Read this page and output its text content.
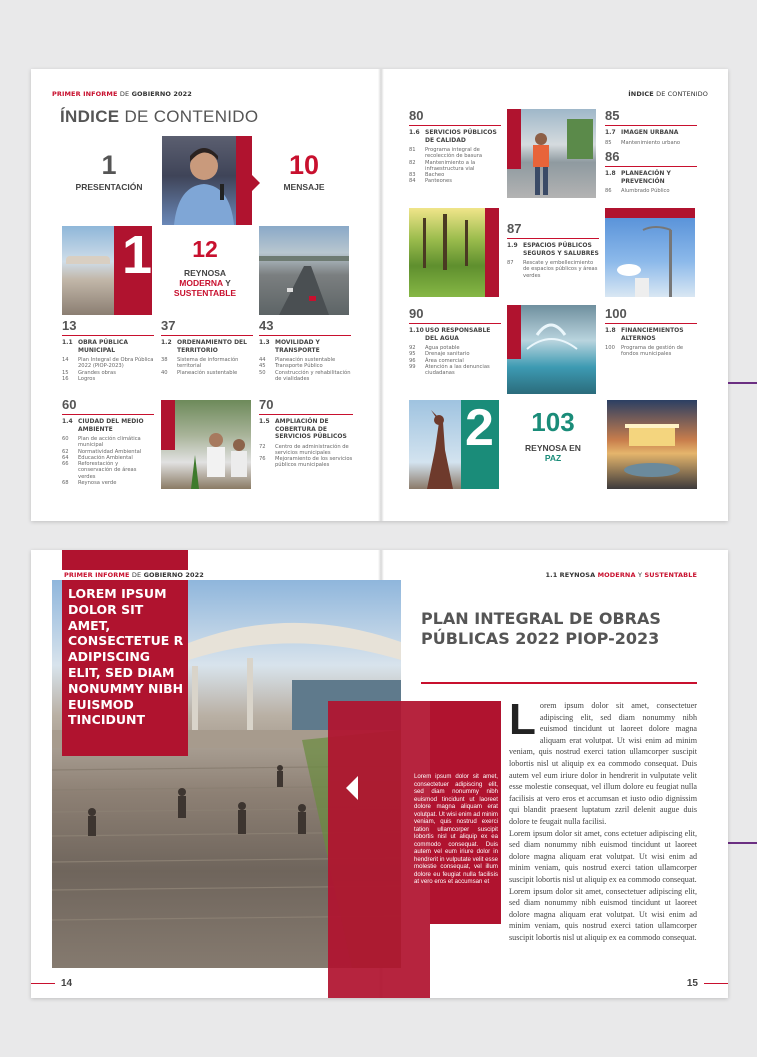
PRIMER INFORME DE GOBIERNO 2022	ÍNDICE DE CONTENIDO
ÍNDICE DE CONTENIDO
1
PRESENTACIÓN
10
MENSAJE
1	12
REYNOSA
MODERNA Y
SUSTENTABLE
13
1.1 OBRA PÚBLICA MUNICIPAL
14	Plan Integral de Obra Pública 2022 (PIOP-2023)
15	Grandes obras
16	Logros
37
1.2 ORDENAMIENTO DEL TERRITORIO
38	Sistema de información territorial
40	Planeación sustentable
43
1.3 MOVILIDAD Y TRANSPORTE
44	Planeación sustentable
45	Transporte Público
50	Construcción y rehabilitación de vialidades
60
1.4 CIUDAD DEL MEDIO AMBIENTE
60	Plan de acción climática municipal
62	Normatividad Ambiental
64	Educación Ambiental
66	Reforestación y conservación de áreas verdes
68	Reynosa verde
70
1.5 AMPLIACIÓN DE COBERTURA DE SERVICIOS PÚBLICOS
72	Centro de administración de servicios municipales
76	Mejoramiento de los servicios públicos municipales
80
1.6 SERVICIOS PÚBLICOS DE CALIDAD
81	Programa integral de recolección de basura
82	Mantenimiento a la infraestructura vial
83	Bacheo
84	Panteones
85
1.7 IMAGEN URBANA
85	Mantenimiento urbano
86
1.8 PLANEACIÓN Y PREVENCIÓN
86	Alumbrado Público
87
1.9 ESPACIOS PÚBLICOS SEGUROS Y SALUBRES
87	Rescate y embellecimiento de espacios públicos y áreas verdes
90
1.10 USO RESPONSABLE DEL AGUA
92	Agua potable
95	Drenaje sanitario
96	Área comercial
99	Atención a las denuncias ciudadanas
100
1.8 FINANCIEMIENTOS ALTERNOS
100	Programa de gestión de fondos municipales
2	103
REYNOSA EN
PAZ
PRIMER INFORME DE GOBIERNO 2022
LOREM IPSUM DOLOR SIT AMET, CONSECTETUE R ADIPISCING ELIT, SED DIAM NONUMMY NIBH EUISMOD TINCIDUNT
Lorem ipsum dolor sit amet, consectetuer adipiscing elit, sed diam nonummy nibh euismod tincidunt ut laoreet dolore magna aliquam erat volutpat. Ut wisi enim ad minim veniam, quis nostrud exerci tation ullamcorper suscipit lobortis nisl ut aliquip ex ea commodo consequat. Duis autem vel eum iriure dolor in hendrerit in vulputate velit esse molestie consequat, vel illum dolore eu feugiat nulla facilisis at vero eros et accumsan et
1.1 REYNOSA MODERNA Y SUSTENTABLE
PLAN INTEGRAL DE OBRAS PÚBLICAS 2022 PIOP-2023
Lorem ipsum dolor sit amet, consectetuer adipiscing elit, sed diam nonummy nibh euismod tincidunt ut laoreet dolore magna aliquam erat volutpat. Ut wisi enim ad minim veniam, quis nostrud exerci tation ullamcorper suscipit lobortis nisl ut aliquip ex ea commodo consequat. Duis autem vel eum iriure dolor in hendrerit in vulputate velit esse molestie consequat, vel illum dolore eu feugiat nulla facilisis at vero eros et accumsan et iusto odio dignissim qui blandit praesent luptatum zzril delenit augue duis dolore te feugait nulla facilisi.

Lorem ipsum dolor sit amet, cons ectetuer adipiscing elit, sed diam nonummy nibh euismod tincidunt ut laoreet dolore magna aliquam erat volutpat. Ut wisi enim ad minim veniam, quis nostrud exerci tation ullamcorper suscipit lobortis nisl ut aliquip ex ea commodo consequat.

Lorem ipsum dolor sit amet, consectetuer adipiscing elit, sed diam nonummy nibh euismod tincidunt ut laoreet dolore magna aliquam erat volutpat. Ut wisi enim ad minim veniam, quis nostrud exerci tation ullamcorper suscipit lobortis nisl ut aliquip ex ea commodo consequat.

14	15
